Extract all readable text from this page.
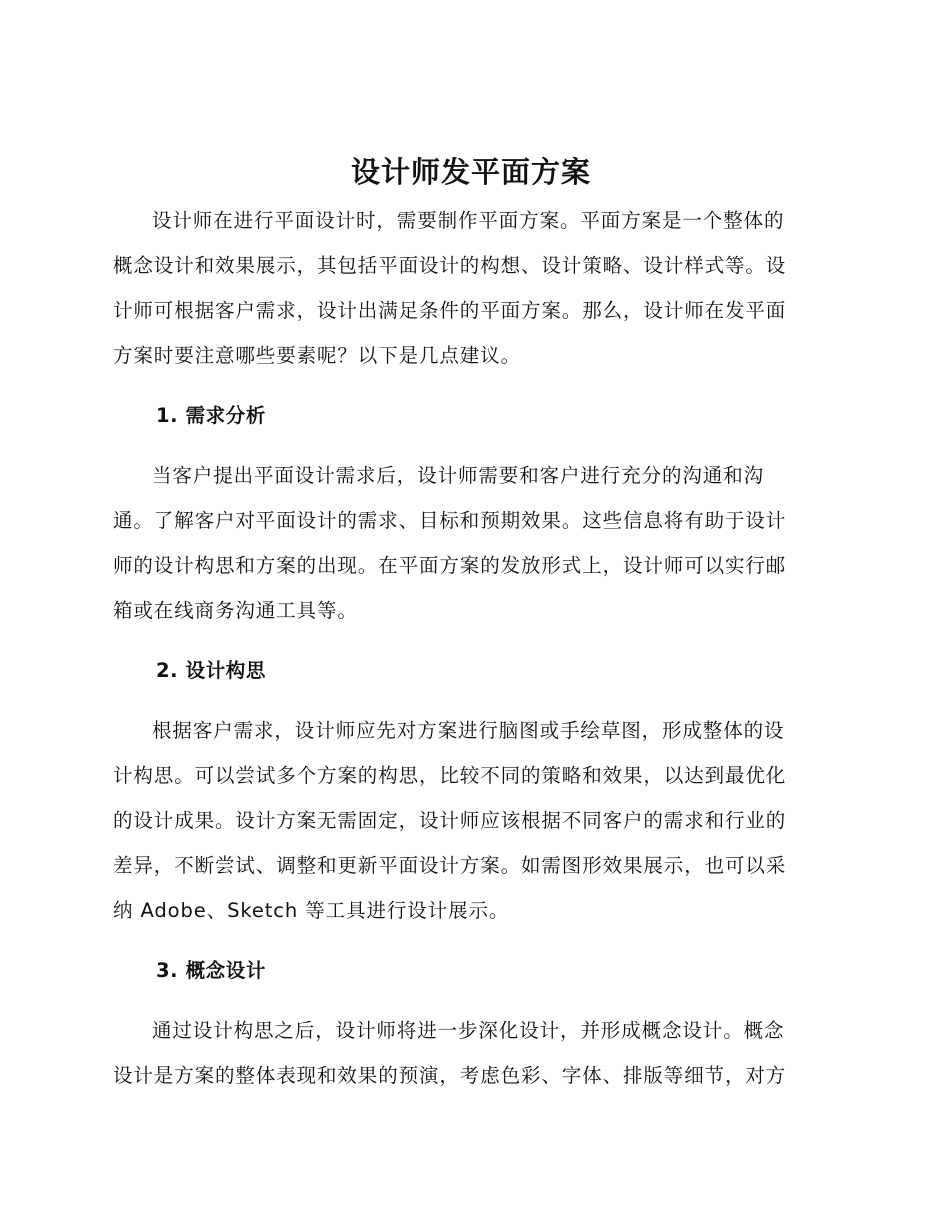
设计师发平面方案

设计师在进行平面设计时，需要制作平面方案。平面方案是一个整体的
概念设计和效果展示，其包括平面设计的构想、设计策略、设计样式等。设
计师可根据客户需求，设计出满足条件的平面方案。那么，设计师在发平面
方案时要注意哪些要素呢？以下是几点建议。

1. 需求分析

当客户提出平面设计需求后，设计师需要和客户进行充分的沟通和沟
通。了解客户对平面设计的需求、目标和预期效果。这些信息将有助于设计
师的设计构思和方案的出现。在平面方案的发放形式上，设计师可以实行邮
箱或在线商务沟通工具等。

2. 设计构思

根据客户需求，设计师应先对方案进行脑图或手绘草图，形成整体的设
计构思。可以尝试多个方案的构思，比较不同的策略和效果，以达到最优化
的设计成果。设计方案无需固定，设计师应该根据不同客户的需求和行业的
差异，不断尝试、调整和更新平面设计方案。如需图形效果展示，也可以采
纳 Adobe、Sketch 等工具进行设计展示。

3. 概念设计

通过设计构思之后，设计师将进一步深化设计，并形成概念设计。概念
设计是方案的整体表现和效果的预演，考虑色彩、字体、排版等细节，对方
